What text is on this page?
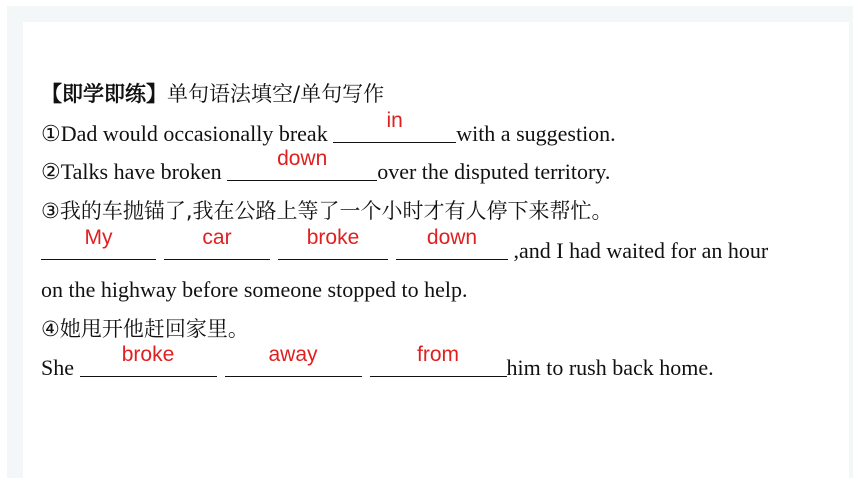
【即学即练】单句语法填空/单句写作
①Dad would occasionally break
in
with a suggestion.
②Talks have broken
down
over the disputed territory.
③我的车抛锚了,我在公路上等了一个小时才有人停下来帮忙。
My	car	broke	down
,and I had waited for an hour
on the highway before someone stopped to help.
④她甩开他赶回家里。
She
broke	away	from
him to rush back home.
